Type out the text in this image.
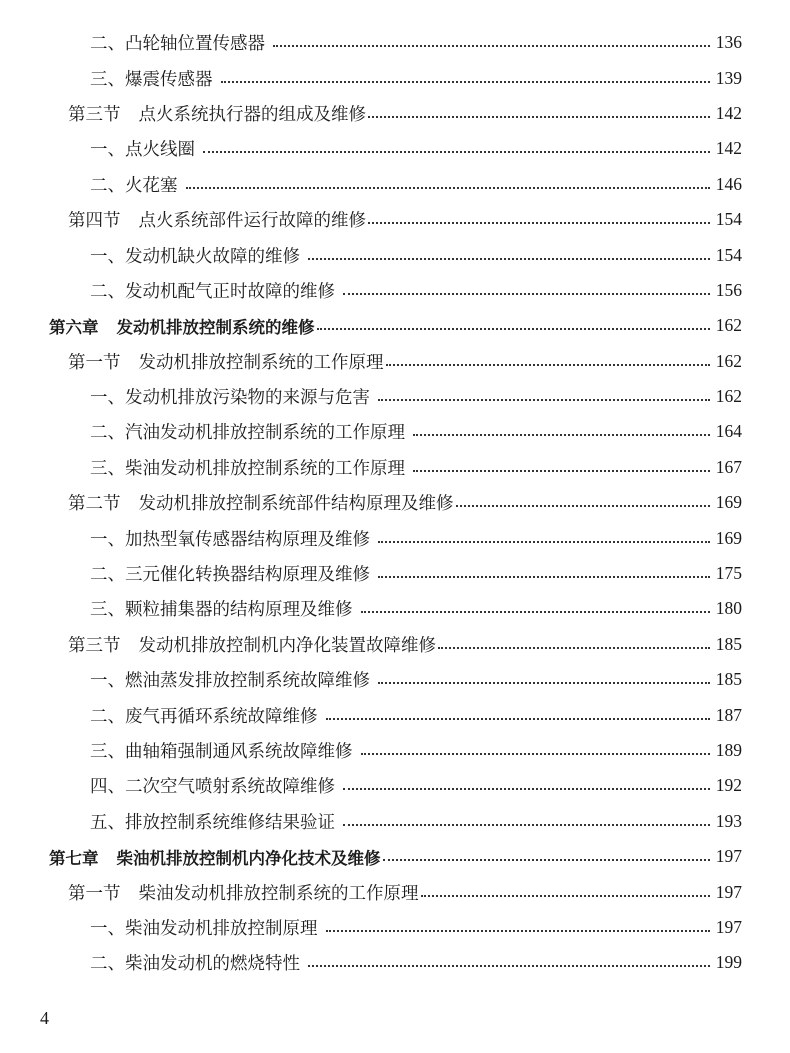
二、凸轮轴位置传感器	136
三、爆震传感器	139
第三节 点火系统执行器的组成及维修	142
一、点火线圈	142
二、火花塞	146
第四节 点火系统部件运行故障的维修	154
一、发动机缺火故障的维修	154
二、发动机配气正时故障的维修	156
第六章 发动机排放控制系统的维修	162
第一节 发动机排放控制系统的工作原理	162
一、发动机排放污染物的来源与危害	162
二、汽油发动机排放控制系统的工作原理	164
三、柴油发动机排放控制系统的工作原理	167
第二节 发动机排放控制系统部件结构原理及维修	169
一、加热型氧传感器结构原理及维修	169
二、三元催化转换器结构原理及维修	175
三、颗粒捕集器的结构原理及维修	180
第三节 发动机排放控制机内净化装置故障维修	185
一、燃油蒸发排放控制系统故障维修	185
二、废气再循环系统故障维修	187
三、曲轴箱强制通风系统故障维修	189
四、二次空气喷射系统故障维修	192
五、排放控制系统维修结果验证	193
第七章 柴油机排放控制机内净化技术及维修	197
第一节 柴油发动机排放控制系统的工作原理	197
一、柴油发动机排放控制原理	197
二、柴油发动机的燃烧特性	199
4
